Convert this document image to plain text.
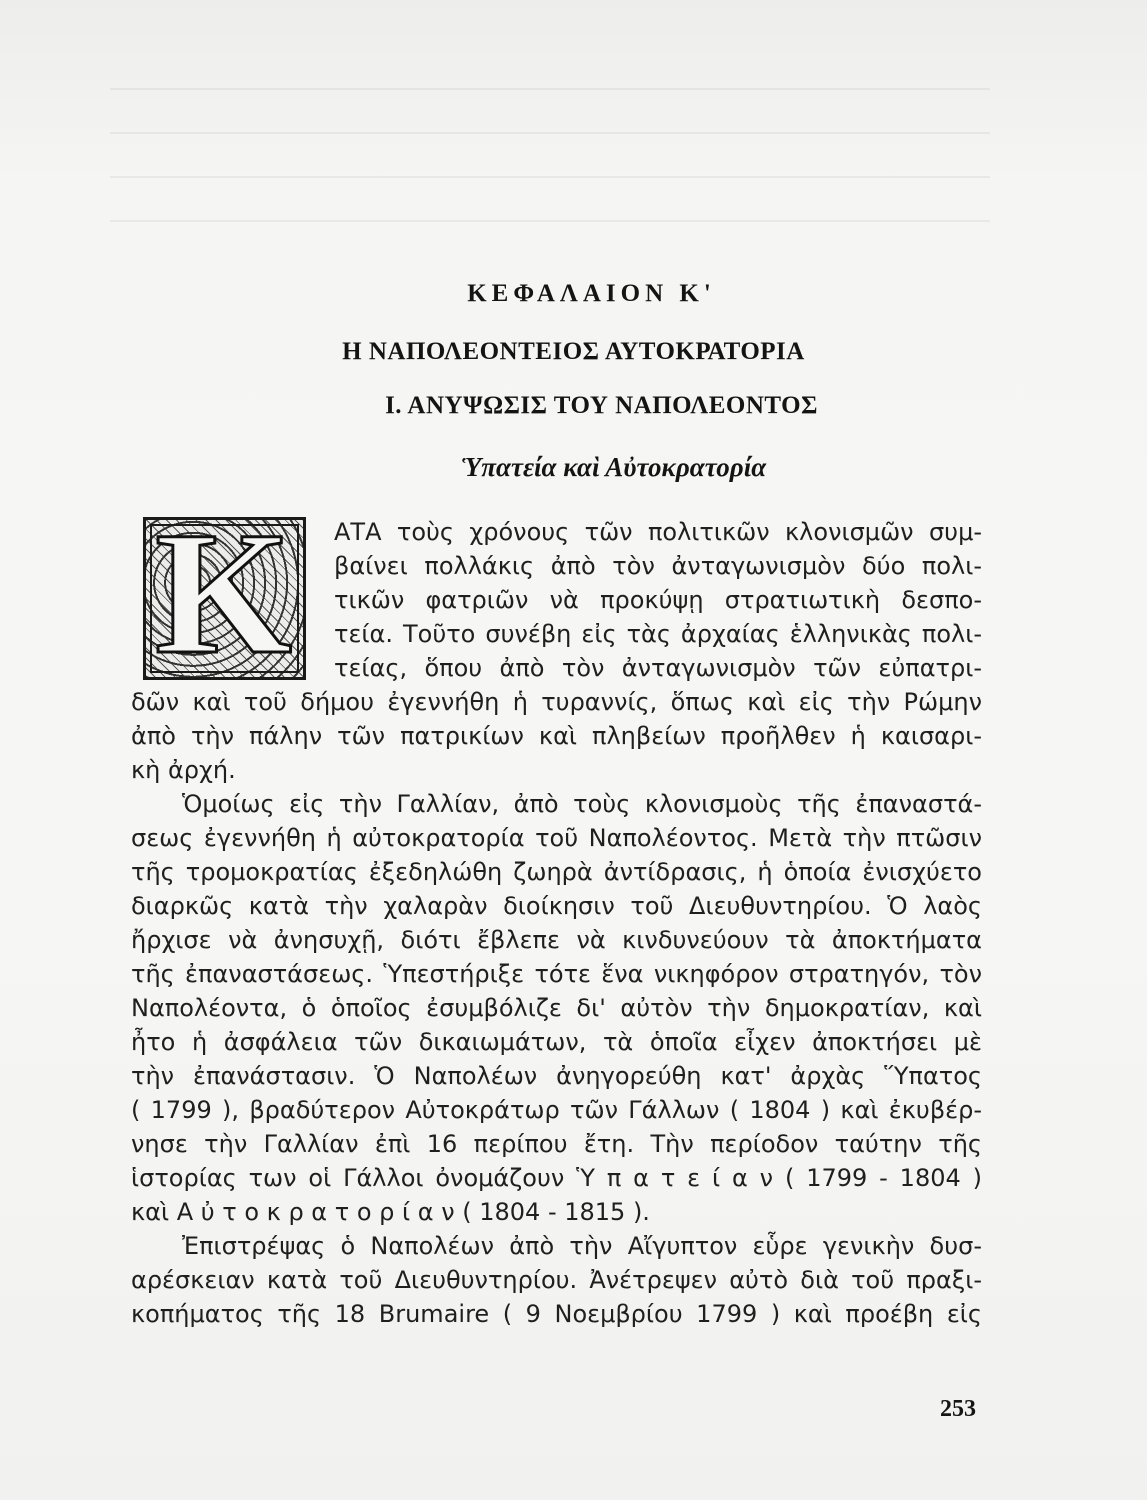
ΚΕΦΑΛΑΙΟΝ Κ'
Η ΝΑΠΟΛΕΟΝΤΕΙΟΣ ΑΥΤΟΚΡΑΤΟΡΙΑ
Ι. ΑΝΥΨΩΣΙΣ ΤΟΥ ΝΑΠΟΛΕΟΝΤΟΣ
Ὑπατεία καὶ Αὐτοκρατορία
Κ	ΑΤΑ τοὺς χρόνους τῶν πολιτικῶν κλονισμῶν συμ-
βαίνει πολλάκις ἀπὸ τὸν ἀνταγωνισμὸν δύο πολι-
τικῶν φατριῶν νὰ προκύψῃ στρατιωτικὴ δεσπο-
τεία. Τοῦτο συνέβη εἰς τὰς ἀρχαίας ἑλληνικὰς πολι-
τείας, ὅπου ἀπὸ τὸν ἀνταγωνισμὸν τῶν εὐπατρι-
δῶν καὶ τοῦ δήμου ἐγεννήθη ἡ τυραννίς, ὅπως καὶ εἰς τὴν Ρώμην
ἀπὸ τὴν πάλην τῶν πατρικίων καὶ πληβείων προῆλθεν ἡ καισαρι-
κὴ ἀρχή.
Ὁμοίως εἰς τὴν Γαλλίαν, ἀπὸ τοὺς κλονισμοὺς τῆς ἐπαναστά-
σεως ἐγεννήθη ἡ αὐτοκρατορία τοῦ Ναπολέοντος. Μετὰ τὴν πτῶσιν
τῆς τρομοκρατίας ἐξεδηλώθη ζωηρὰ ἀντίδρασις, ἡ ὁποία ἐνισχύετο
διαρκῶς κατὰ τὴν χαλαρὰν διοίκησιν τοῦ Διευθυντηρίου. Ὁ λαὸς
ἤρχισε νὰ ἀνησυχῇ, διότι ἔβλεπε νὰ κινδυνεύουν τὰ ἀποκτήματα
τῆς ἐπαναστάσεως. Ὑπεστήριξε τότε ἕνα νικηφόρον στρατηγόν, τὸν
Ναπολέοντα, ὁ ὁποῖος ἐσυμβόλιζε δι' αὐτὸν τὴν δημοκρατίαν, καὶ
ἦτο ἡ ἀσφάλεια τῶν δικαιωμάτων, τὰ ὁποῖα εἶχεν ἀποκτήσει μὲ
τὴν ἐπανάστασιν. Ὁ Ναπολέων ἀνηγορεύθη κατ' ἀρχὰς Ὕπατος
( 1799 ), βραδύτερον Αὐτοκράτωρ τῶν Γάλλων ( 1804 ) καὶ ἐκυβέρ-
νησε τὴν Γαλλίαν ἐπὶ 16 περίπου ἔτη. Τὴν περίοδον ταύτην τῆς
ἱστορίας των οἱ Γάλλοι ὀνομάζουν Ὑ π α τ ε ί α ν ( 1799 - 1804 )
καὶ Α ὐ τ ο κ ρ α τ ο ρ ί α ν ( 1804 - 1815 ).
Ἐπιστρέψας ὁ Ναπολέων ἀπὸ τὴν Αἴγυπτον εὗρε γενικὴν δυσ-
αρέσκειαν κατὰ τοῦ Διευθυντηρίου. Ἀνέτρεψεν αὐτὸ διὰ τοῦ πραξι-
κοπήματος τῆς 18 Brumaire ( 9 Νοεμβρίου 1799 ) καὶ προέβη εἰς
253
